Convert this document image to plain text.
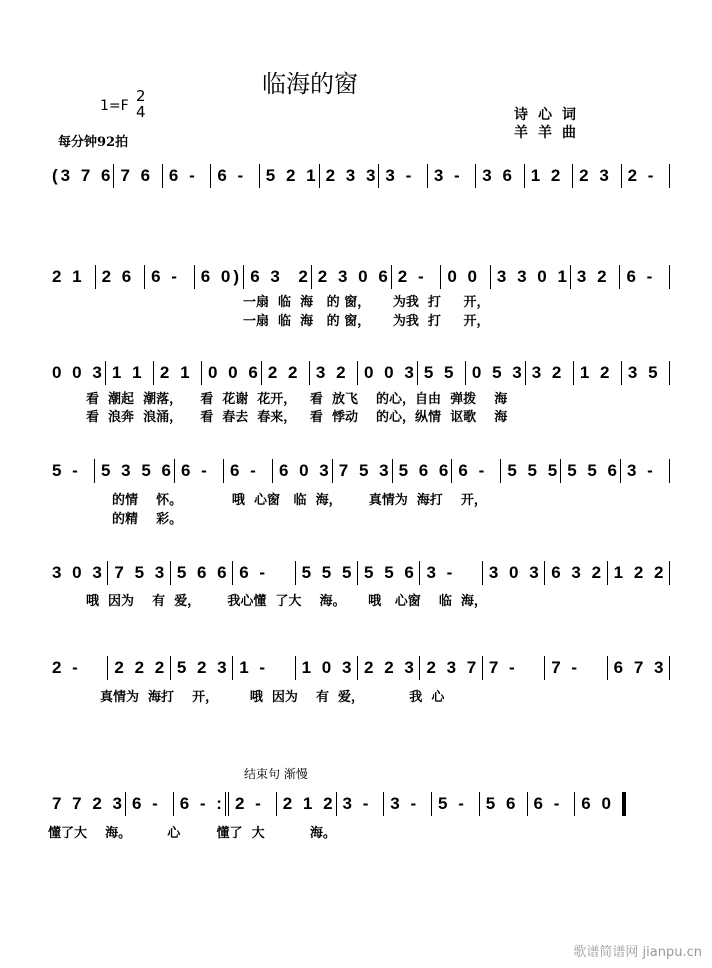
临海的窗
1=F
2
4
每分钟92拍
诗心词
羊羊曲
(3 7 6 7 6 6 -	6 -	5 2 1 2 3 3 3 -	3 -	3 6 1 2 2 3 2 -
2 1 2 6 6 -	6 0) 6 3  2 2 3 0 6 2 -	0 0 3 3 0 1 3 2 6 -
一扇  临  海   的 窗，     为我  打     开，
一扇  临  海   的 窗，     为我  打     开，
0 0 3 1 1 2 1 0 0 6 2 2 3 2 0 0 3 5 5 0 5 3 3 2 1 2 3 5
看  潮起  潮落，    看  花谢  花开，   看  放飞    的心，自由  弹拨    海
看  浪奔  浪涌，    看  春去  春来，   看  悸动    的心，纵情  讴歌    海
5 -	5 3 5 6 6 -	6 -	6 0 3 7 5 3 5 6 6 6 -	5 5 5 5 5 6 3 -
的情    怀。           哦  心窗   临  海，      真情为  海打    开，
的精    彩。
3 0 3 7 5 3 5 6 6 6 -	5 5 5 5 5 6 3 -	3 0 3 6 3 2 1 2 2
哦  因为    有  爱，      我心懂  了大    海。     哦   心窗    临  海，
2 -	2 2 2 5 2 3 1 -	1 0 3 2 2 3 2 3 7 7 -	7 -	6 7 3
真情为  海打    开，       哦  因为    有  爱，          我  心
7 7 2 3 6 -	6 - : 2 -	2 1 2 3 -	3 -	5 -	5 6 6 -	6 0
懂了大    海。        心        懂了  大          海。
结束句 渐慢
歌谱简谱网 jianpu.cn
